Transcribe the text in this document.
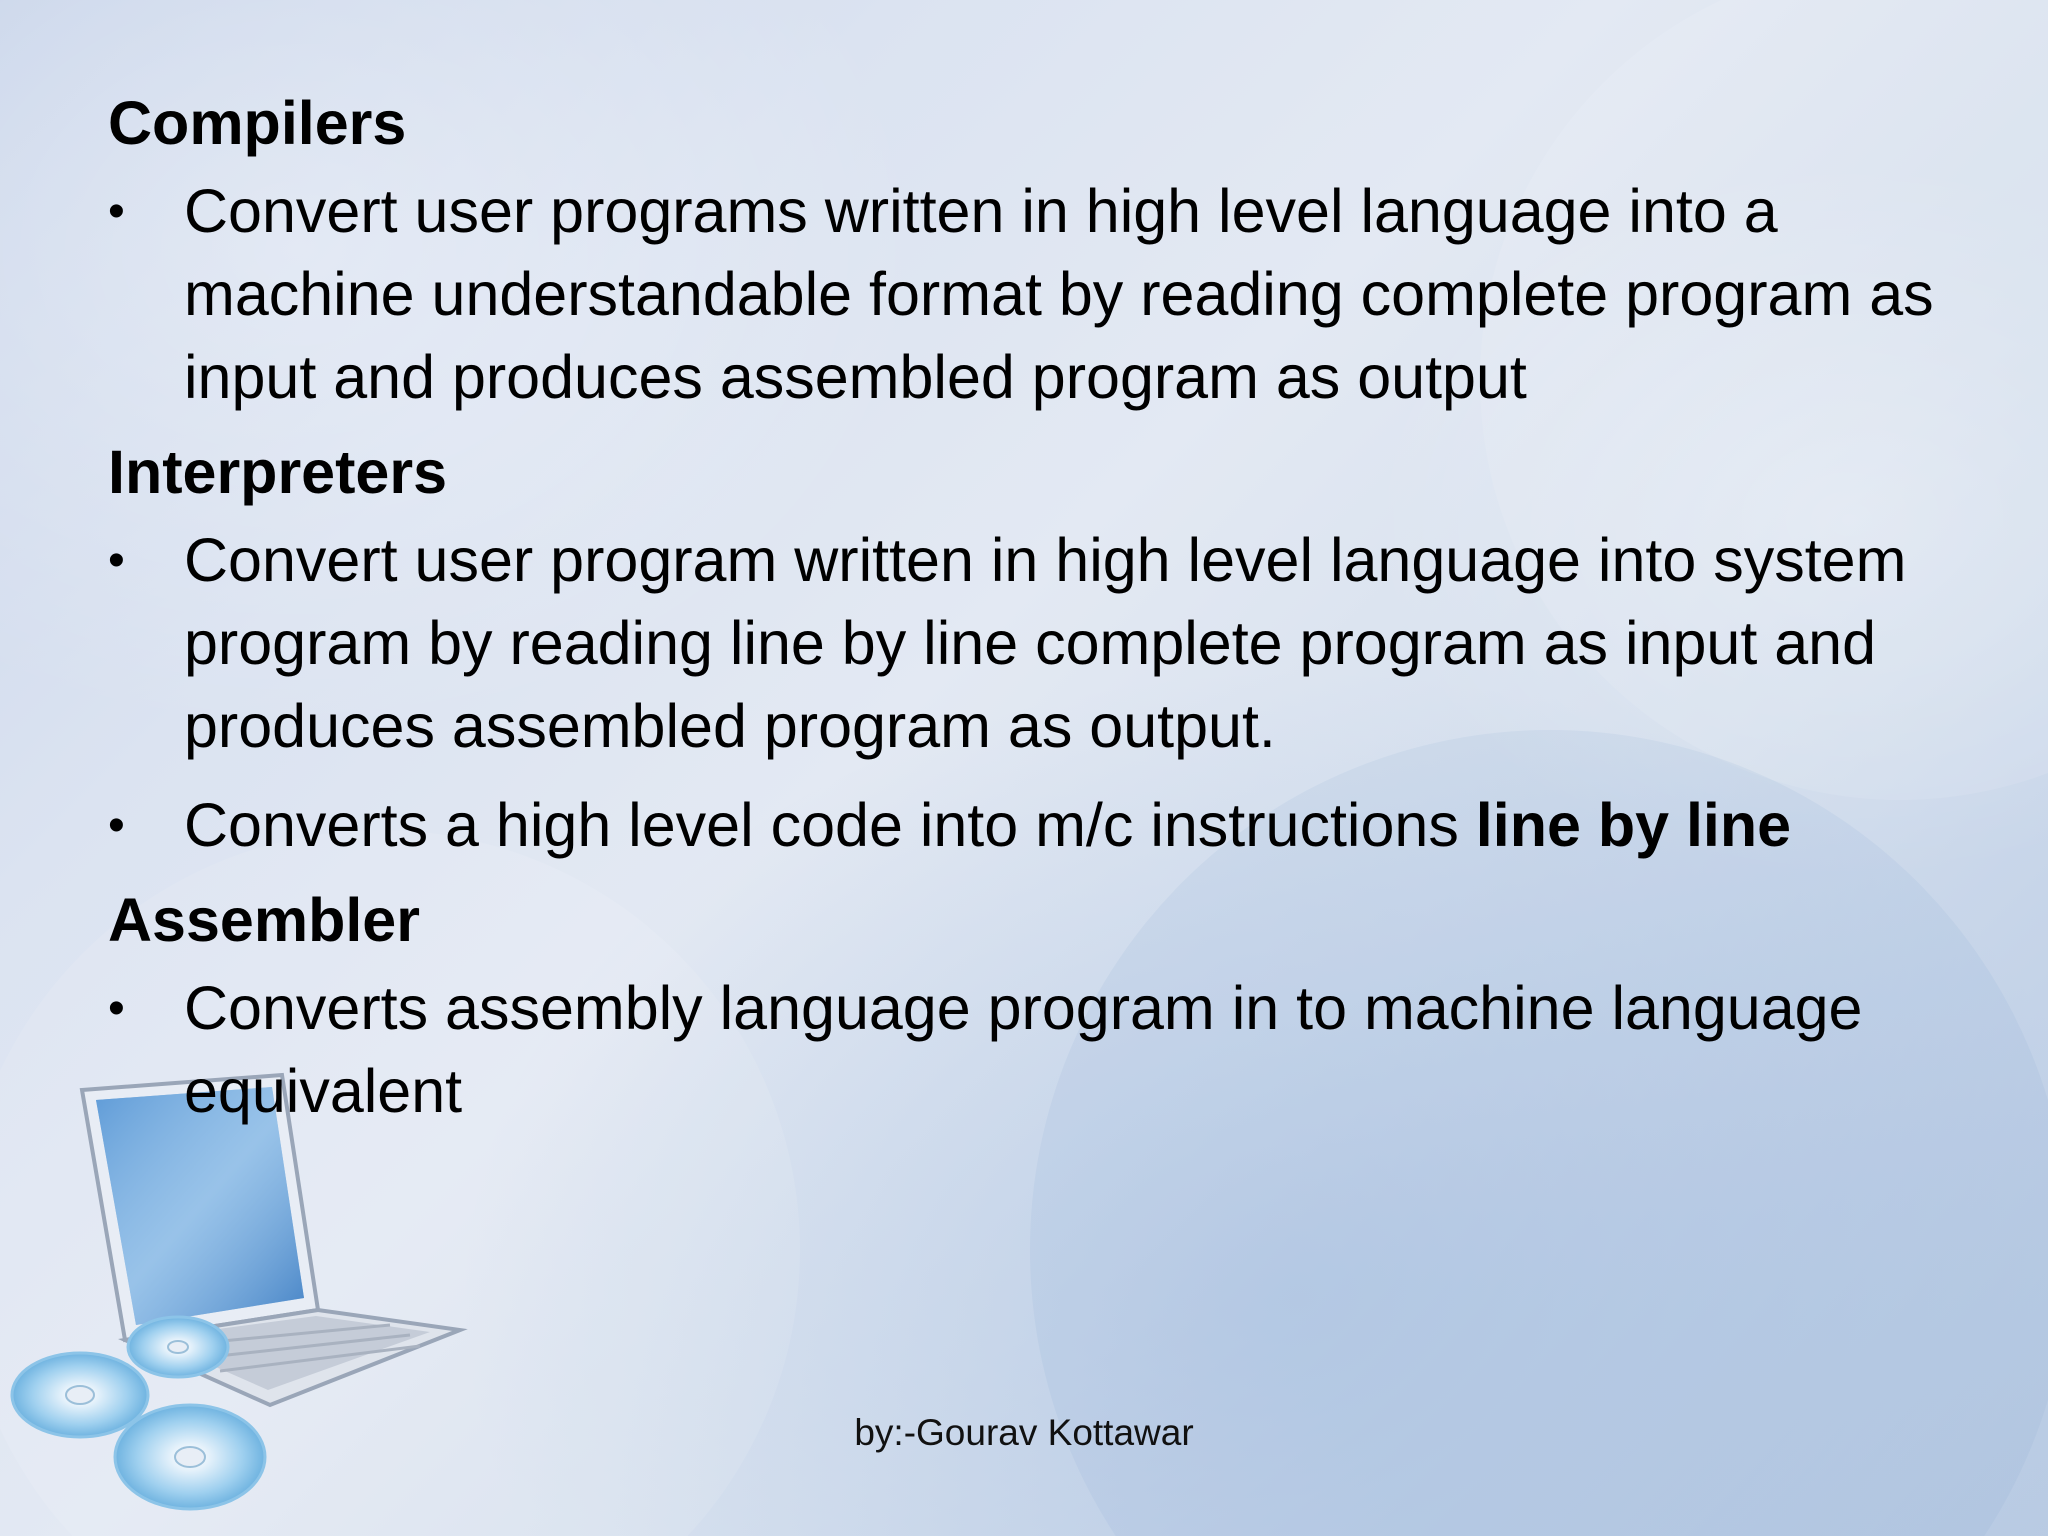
Compilers

• Convert user programs written in high level language into a machine understandable format by reading complete program as input and produces assembled program as output

Interpreters

• Convert user program written in high level language into system program by reading line by line complete program as input and produces assembled program as output.
• Converts a high level code into m/c instructions line by line

Assembler

• Converts assembly language program in to machine language equivalent
by:-Gourav Kottawar
